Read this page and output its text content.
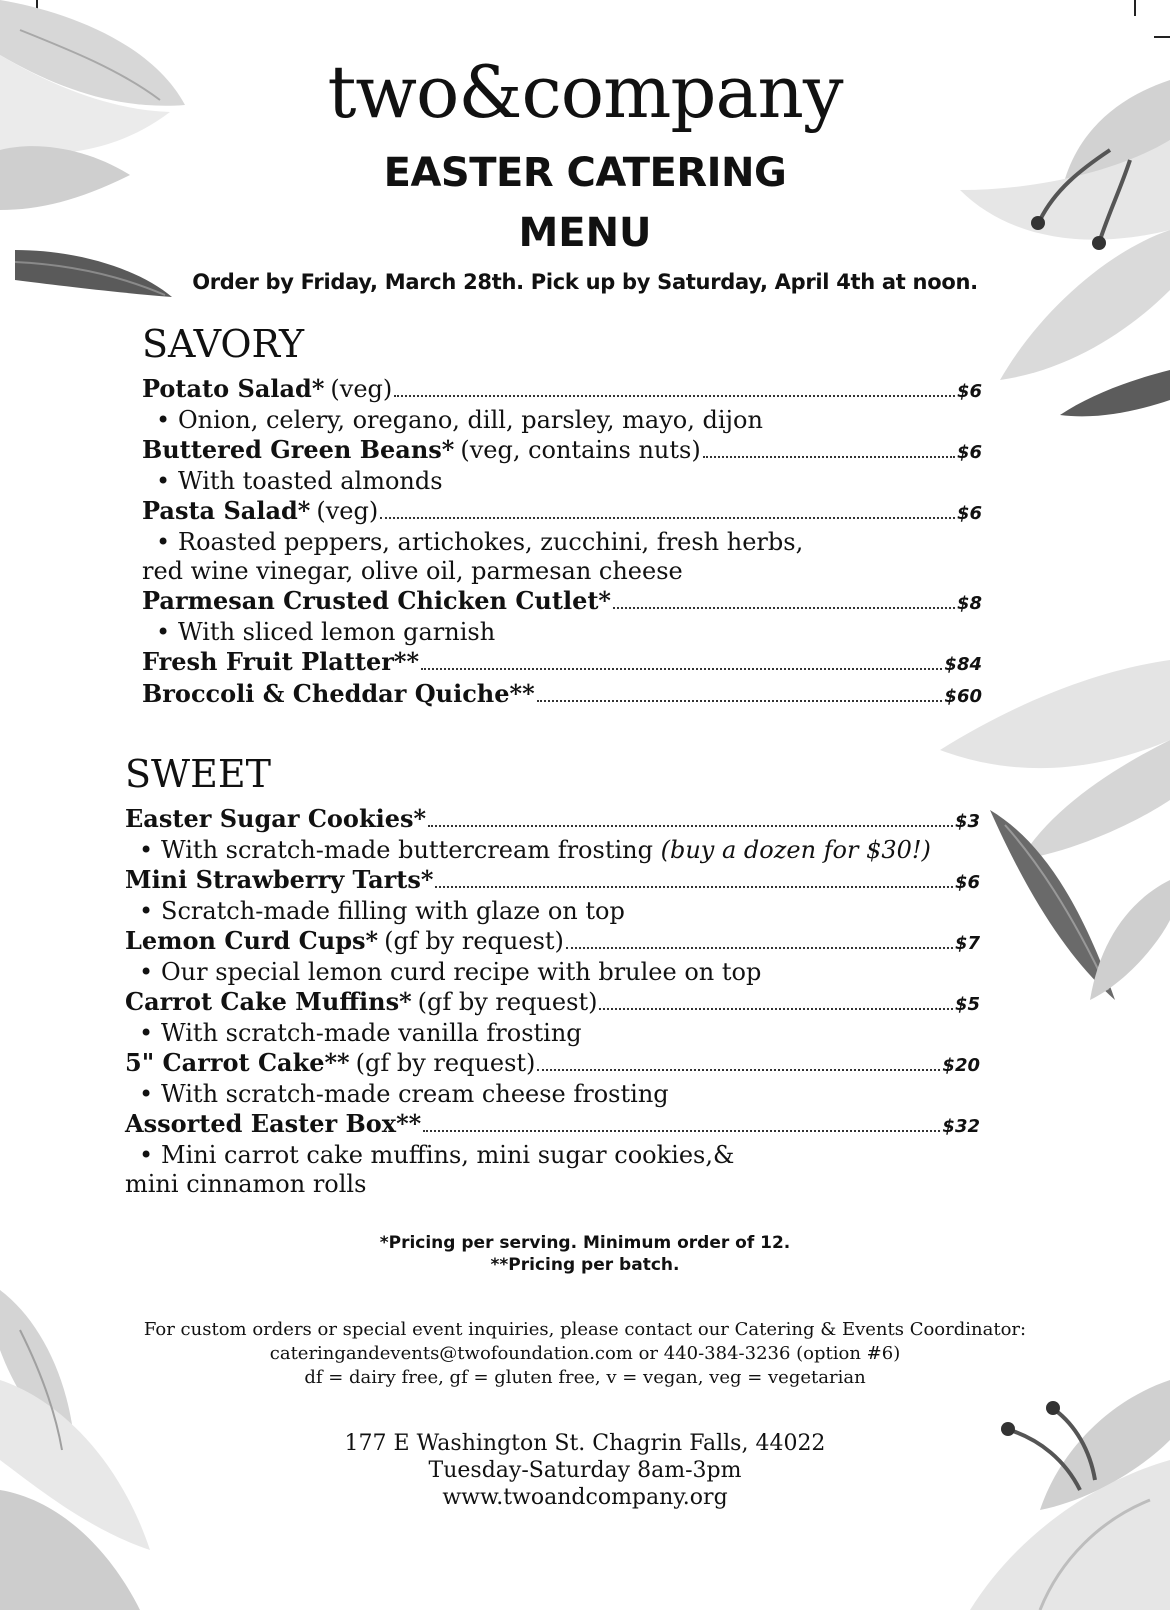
two&company
EASTER CATERING
MENU
Order by Friday, March 28th. Pick up by Saturday, April 4th at noon.
SAVORY
Potato Salad* (veg)	$6
• Onion, celery, oregano, dill, parsley, mayo, dijon
Buttered Green Beans* (veg, contains nuts)	$6
• With toasted almonds
Pasta Salad* (veg)	$6
• Roasted peppers, artichokes, zucchini, fresh herbs,
red wine vinegar, olive oil, parmesan cheese
Parmesan Crusted Chicken Cutlet*	$8
• With sliced lemon garnish
Fresh Fruit Platter**	$84
Broccoli & Cheddar Quiche**	$60
SWEET
Easter Sugar Cookies*	$3
• With scratch-made buttercream frosting (buy a dozen for $30!)
Mini Strawberry Tarts*	$6
• Scratch-made filling with glaze on top
Lemon Curd Cups* (gf by request)	$7
• Our special lemon curd recipe with brulee on top
Carrot Cake Muffins* (gf by request)	$5
• With scratch-made vanilla frosting
5" Carrot Cake** (gf by request)	$20
• With scratch-made cream cheese frosting
Assorted Easter Box**	$32
• Mini carrot cake muffins, mini sugar cookies,&
mini cinnamon rolls
*Pricing per serving. Minimum order of 12.
**Pricing per batch.
For custom orders or special event inquiries, please contact our Catering & Events Coordinator:
cateringandevents@twofoundation.com or 440-384-3236 (option #6)
df = dairy free, gf = gluten free, v = vegan, veg = vegetarian
177 E Washington St. Chagrin Falls, 44022
Tuesday-Saturday 8am-3pm
www.twoandcompany.org
